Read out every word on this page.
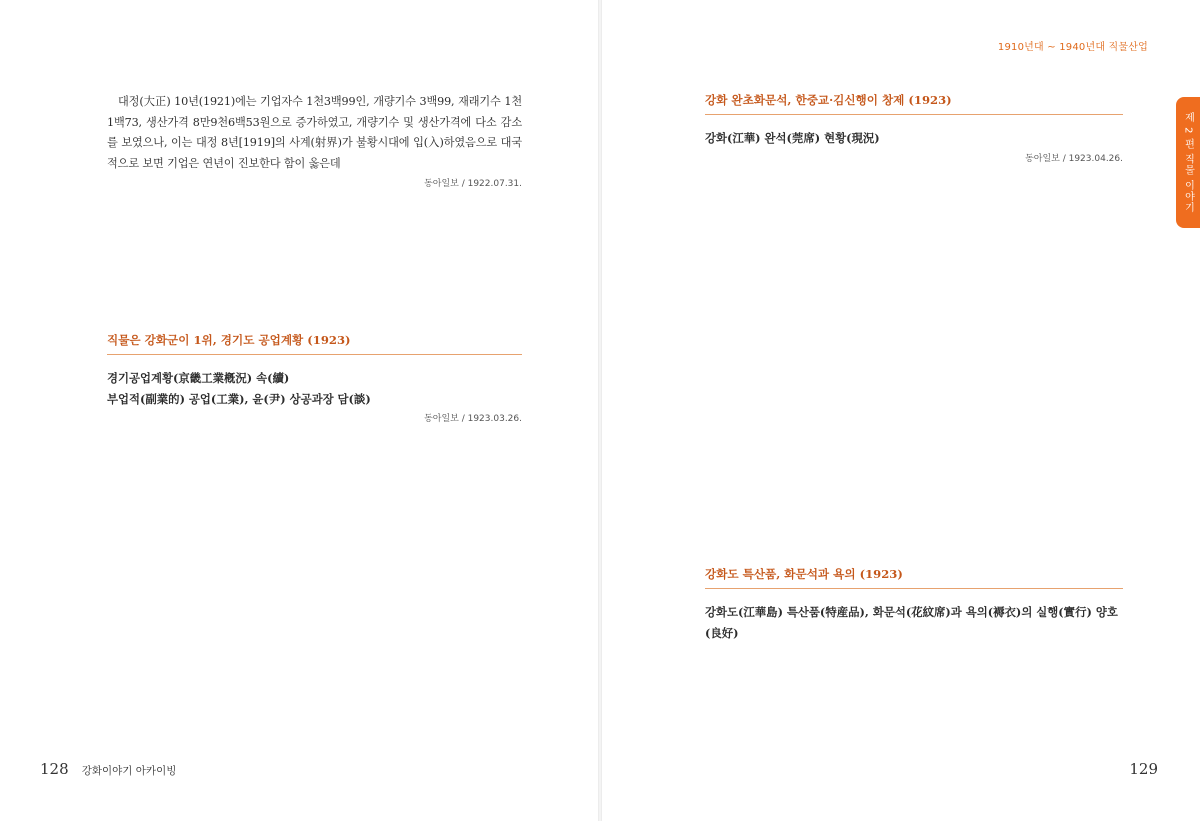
대정(大正) 10년(1921)에는 기업자수 1천3백99인, 개량기수 3백99, 재래기수 1천1백73, 생산가격 8만9천6백53원으로 증가하였고, 개량기수 및 생산가격에 다소 감소를 보였으나, 이는 대정 8년[1919]의 사계(射界)가 불황시대에 입(入)하였음으로 대국적으로 보면 기업은 연년이 진보한다 함이 옳은데

동아일보 / 1922.07.31.

직물은 강화군이 1위, 경기도 공업계황 (1923)

경기공업계황(京畿工業槪況) 속(續)

부업적(副業的) 공업(工業), 윤(尹) 상공과장 담(談)

동아일보 / 1923.03.26.

128 강화이야기 아카이빙
1910년대 ~ 1940년대 직물산업
강화 완초화문석, 한중교·김신행이 창제 (1923)

강화(江華) 완석(莞席) 현황(現況)

동아일보 / 1923.04.26.

강화도 특산품, 화문석과 욕의 (1923)

강화도(江華島) 특산품(特産品), 화문석(花紋席)과 욕의(褥衣)의 실행(實行) 양호(良好)

129
제 2 편 직물 이야기
